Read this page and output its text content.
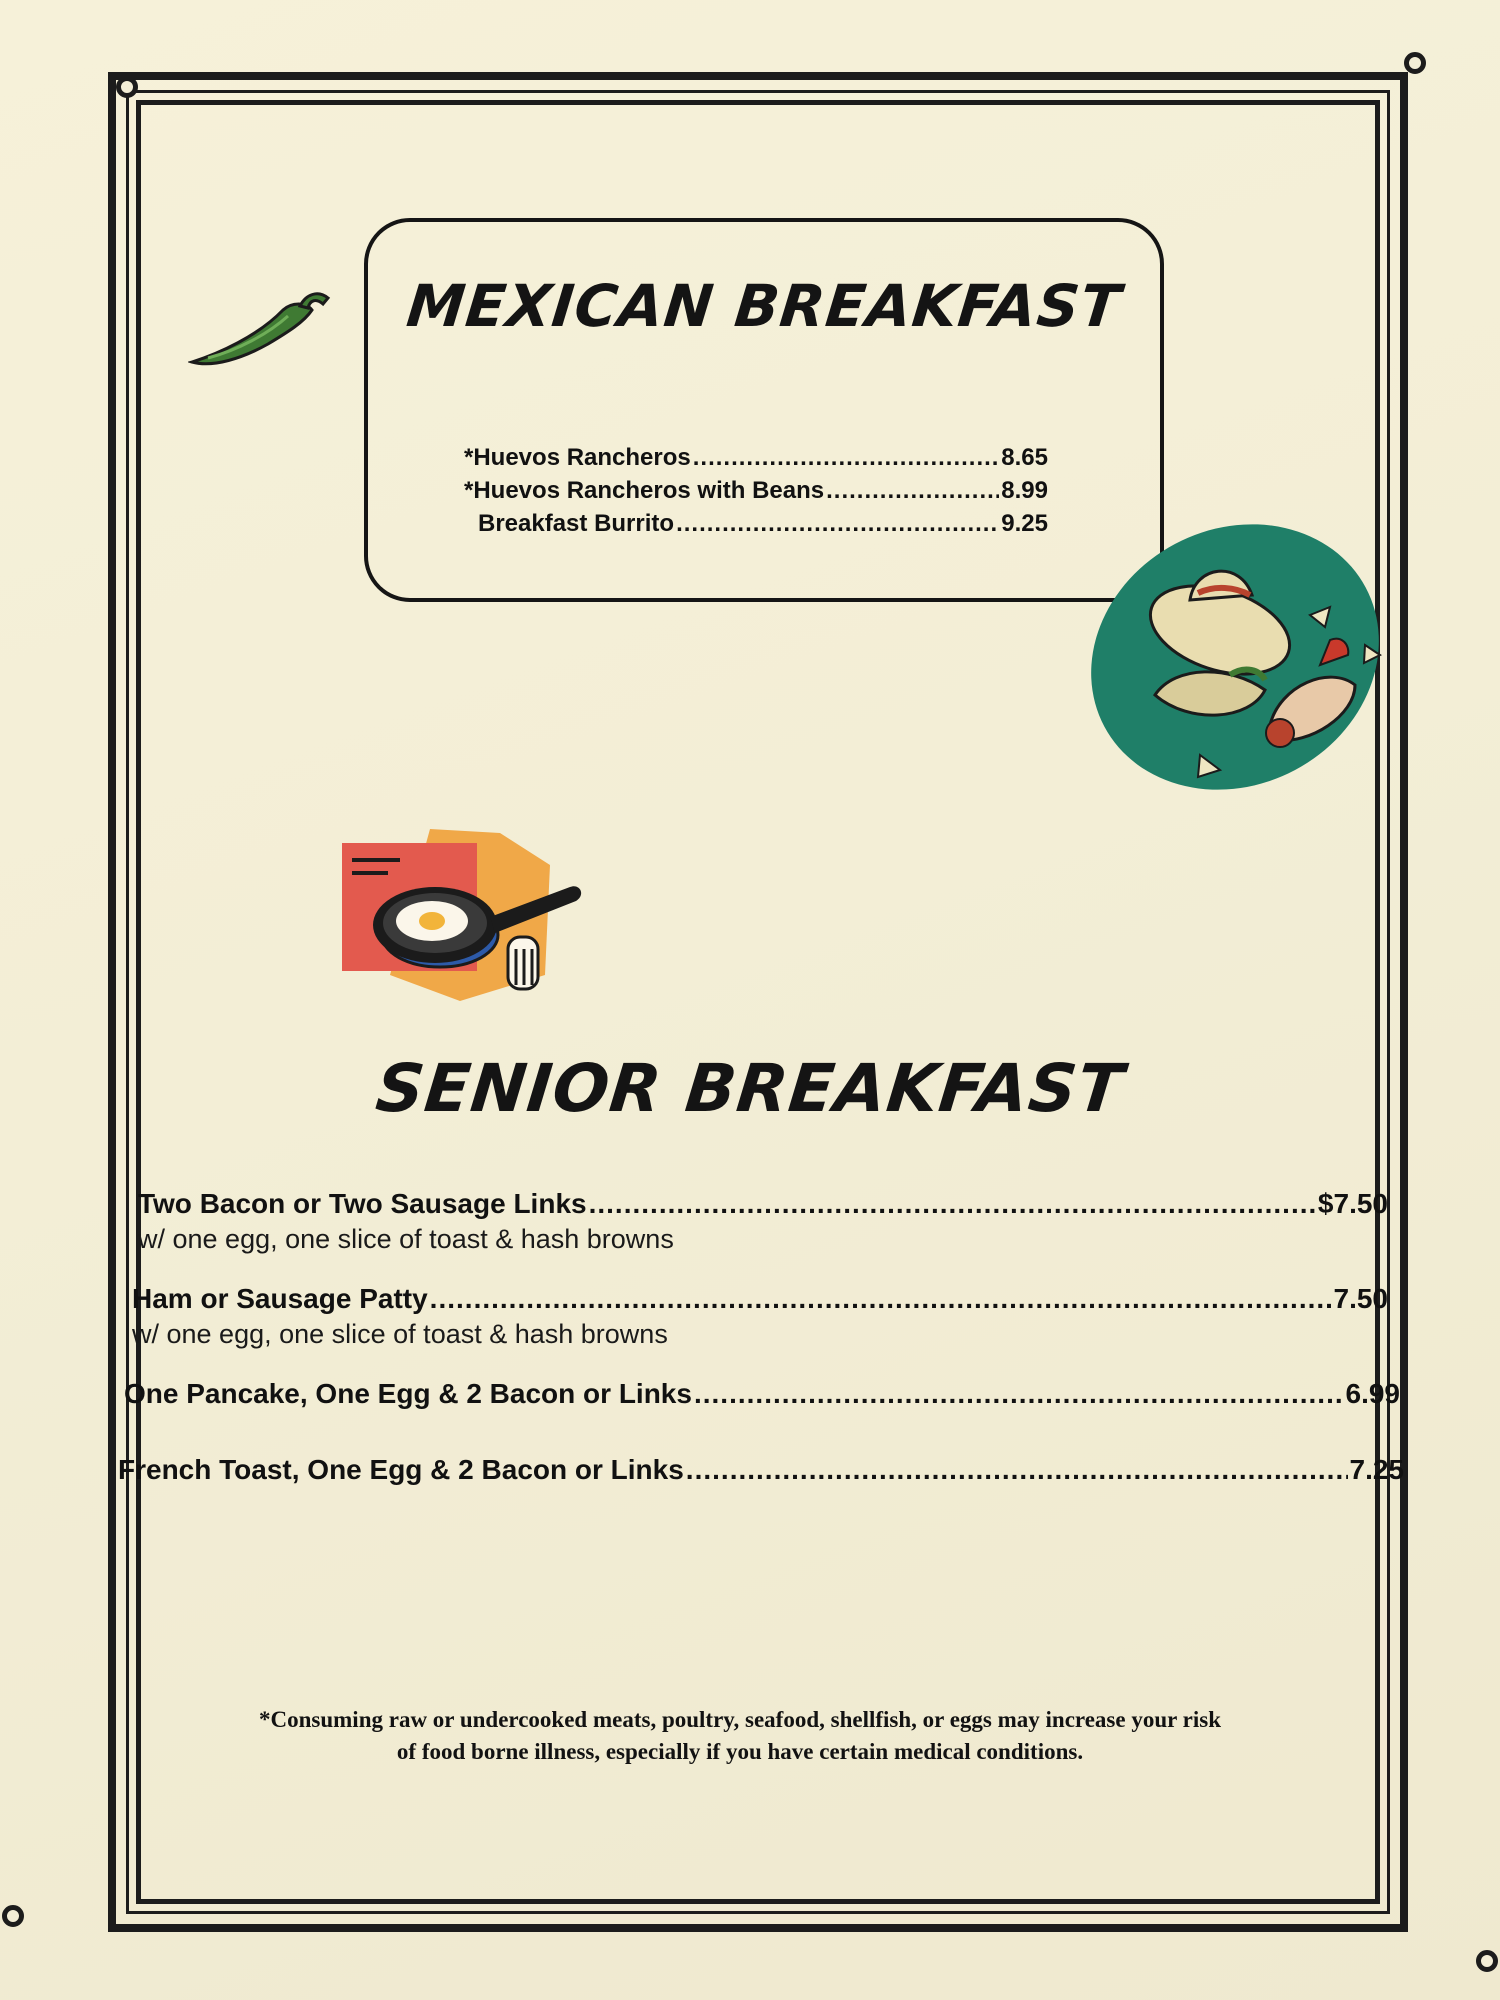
MEXICAN BREAKFAST
*Huevos Rancheros .....	8.65
*Huevos Rancheros with Beans .....	8.99
Breakfast Burrito .....	9.25
SENIOR BREAKFAST
Two Bacon or Two Sausage Links .....	$7.50
w/ one egg, one slice of toast & hash browns
Ham or Sausage Patty .....	7.50
w/ one egg, one slice of toast & hash browns
One Pancake, One Egg & 2 Bacon or Links .....	6.99
French Toast, One Egg & 2 Bacon or Links .....	7.25
*Consuming raw or undercooked meats, poultry, seafood, shellfish, or eggs may increase your risk
of food borne illness, especially if you have certain medical conditions.
